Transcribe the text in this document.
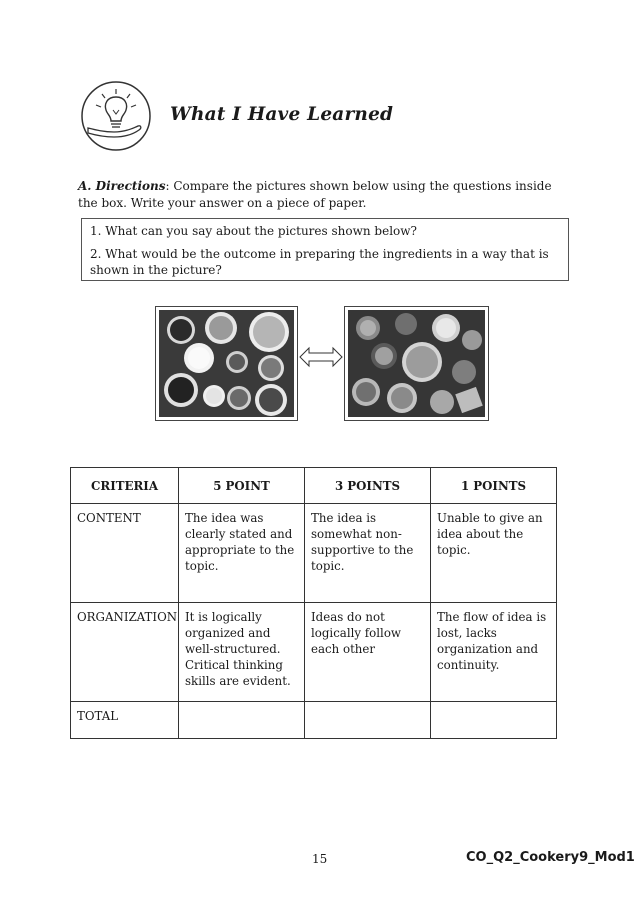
What I Have Learned
A. Directions: Compare the pictures shown below using the questions inside the box. Write your answer on a piece of paper.

1. What can you say about the pictures shown below?

2. What would be the outcome in preparing the ingredients in a way that is shown in the picture?

CRITERIA	5 POINT	3 POINTS	1 POINTS
CONTENT	The idea was clearly stated and appropriate to the topic.	The idea is somewhat non-supportive to the topic.	Unable to give an idea about the topic.
ORGANIZATION	It is logically organized and well-structured. Critical thinking skills are evident.	Ideas do not logically follow each other	The flow of idea is lost, lacks organization and continuity.
TOTAL			
15	CO_Q2_Cookery9_Mod1
